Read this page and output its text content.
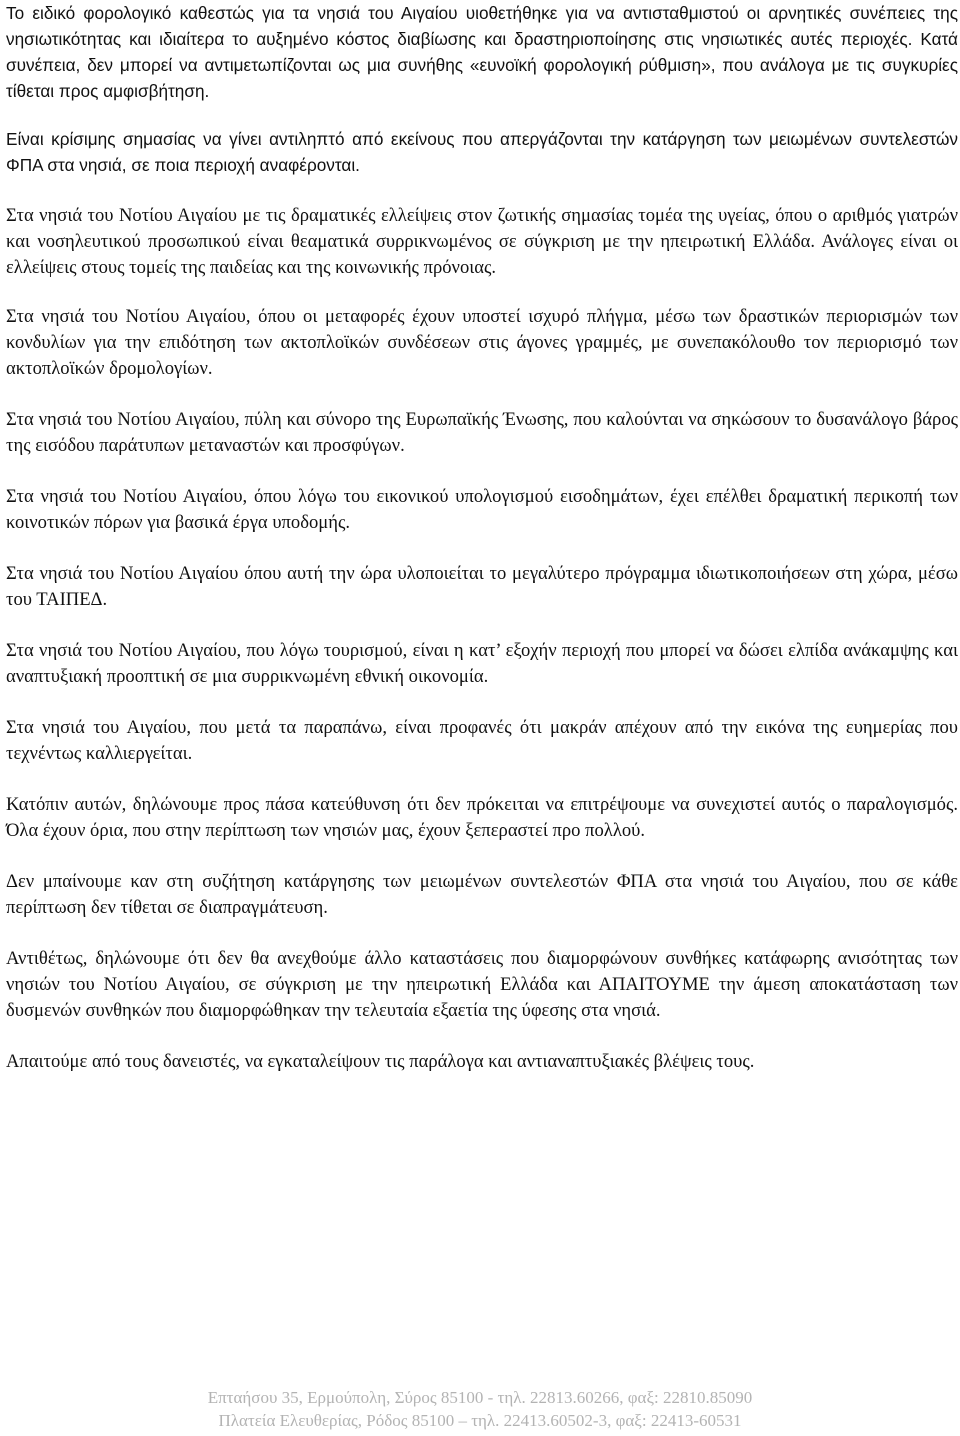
Το ειδικό φορολογικό καθεστώς για τα νησιά του Αιγαίου υιοθετήθηκε για να αντισταθμιστού οι αρνητικές συνέπειες της νησιωτικότητας και ιδιαίτερα το αυξημένο κόστος διαβίωσης και δραστηριοποίησης στις νησιωτικές αυτές περιοχές. Κατά συνέπεια, δεν μπορεί να αντιμετωπίζονται ως μια συνήθης «ευνοϊκή φορολογική ρύθμιση», που ανάλογα με τις συγκυρίες τίθεται προς αμφισβήτηση.

Είναι κρίσιμης σημασίας να γίνει αντιληπτό από εκείνους που απεργάζονται την κατάργηση των μειωμένων συντελεστών ΦΠΑ στα νησιά, σε ποια περιοχή αναφέρονται.

Στα νησιά του Νοτίου Αιγαίου με τις δραματικές ελλείψεις στον ζωτικής σημασίας τομέα της υγείας, όπου ο αριθμός γιατρών και νοσηλευτικού προσωπικού είναι θεαματικά συρρικνωμένος σε σύγκριση με την ηπειρωτική Ελλάδα. Ανάλογες είναι οι ελλείψεις στους τομείς της παιδείας και της κοινωνικής πρόνοιας.

Στα νησιά του Νοτίου Αιγαίου, όπου οι μεταφορές έχουν υποστεί ισχυρό πλήγμα, μέσω των δραστικών περιορισμών των κονδυλίων για την επιδότηση των ακτοπλοϊκών συνδέσεων στις άγονες γραμμές, με συνεπακόλουθο τον περιορισμό των ακτοπλοϊκών δρομολογίων.

Στα νησιά του Νοτίου Αιγαίου, πύλη και σύνορο της Ευρωπαϊκής Ένωσης, που καλούνται να σηκώσουν το δυσανάλογο βάρος της εισόδου παράτυπων μεταναστών και προσφύγων.

Στα νησιά του Νοτίου Αιγαίου, όπου λόγω του εικονικού υπολογισμού εισοδημάτων, έχει επέλθει δραματική περικοπή των κοινοτικών πόρων για βασικά έργα υποδομής.

Στα νησιά του Νοτίου Αιγαίου όπου αυτή την ώρα υλοποιείται το μεγαλύτερο πρόγραμμα ιδιωτικοποιήσεων στη χώρα, μέσω του ΤΑΙΠΕΔ.

Στα νησιά του Νοτίου Αιγαίου, που λόγω τουρισμού, είναι η κατ’ εξοχήν περιοχή που μπορεί να δώσει ελπίδα ανάκαμψης και αναπτυξιακή προοπτική σε μια συρρικνωμένη εθνική οικονομία.

Στα νησιά του Αιγαίου, που μετά τα παραπάνω, είναι προφανές ότι μακράν απέχουν από την εικόνα της ευημερίας που τεχνέντως καλλιεργείται.

Κατόπιν αυτών, δηλώνουμε προς πάσα κατεύθυνση ότι δεν πρόκειται να επιτρέψουμε να συνεχιστεί αυτός ο παραλογισμός. Όλα έχουν όρια, που στην περίπτωση των νησιών μας, έχουν ξεπεραστεί προ πολλού.

Δεν μπαίνουμε καν στη συζήτηση κατάργησης των μειωμένων συντελεστών ΦΠΑ στα νησιά του Αιγαίου, που σε κάθε περίπτωση δεν τίθεται σε διαπραγμάτευση.

Αντιθέτως, δηλώνουμε ότι δεν θα ανεχθούμε άλλο καταστάσεις που διαμορφώνουν συνθήκες κατάφωρης ανισότητας των νησιών του Νοτίου Αιγαίου, σε σύγκριση με την ηπειρωτική Ελλάδα και ΑΠΑΙΤΟΥΜΕ την άμεση αποκατάσταση των δυσμενών συνθηκών που διαμορφώθηκαν την τελευταία εξαετία της ύφεσης στα νησιά.

Απαιτούμε από τους δανειστές, να εγκαταλείψουν τις παράλογα και αντιαναπτυξιακές βλέψεις τους.

Επταήσου 35, Ερμούπολη, Σύρος 85100 - τηλ. 22813.60266, φαξ: 22810.85090
Πλατεία Ελευθερίας, Ρόδος 85100 – τηλ. 22413.60502-3, φαξ: 22413-60531
